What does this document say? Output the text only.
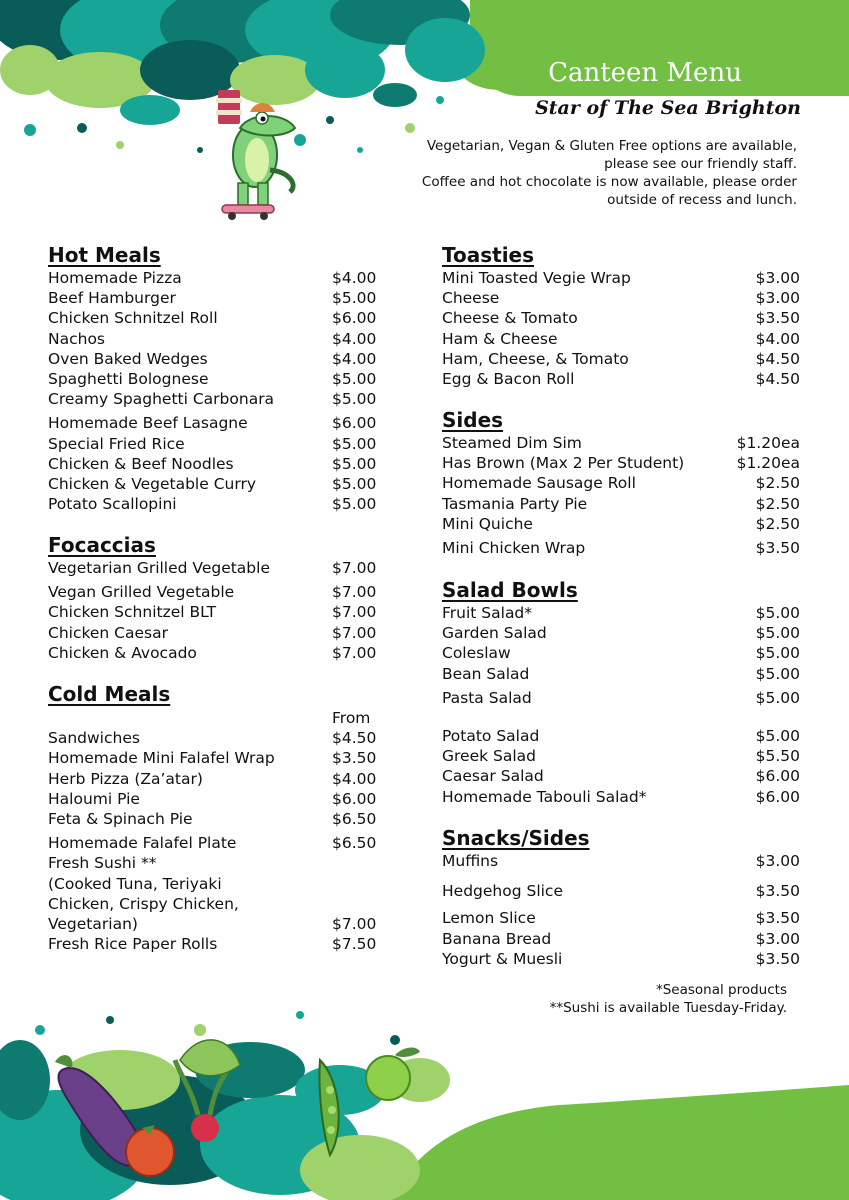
Canteen Menu
Star of The Sea Brighton
Vegetarian, Vegan & Gluten Free options are available,
please see our friendly staff.
Coffee and hot chocolate is now available, please order
outside of recess and lunch.
Hot Meals
Homemade Pizza	$4.00
Beef Hamburger	$5.00
Chicken Schnitzel Roll	$6.00
Nachos	$4.00
Oven Baked Wedges	$4.00
Spaghetti Bolognese	$5.00
Creamy Spaghetti Carbonara	$5.00
Homemade Beef Lasagne	$6.00
Special Fried Rice	$5.00
Chicken & Beef Noodles	$5.00
Chicken & Vegetable Curry	$5.00
Potato Scallopini	$5.00
Focaccias
Vegetarian Grilled Vegetable	$7.00
Vegan Grilled Vegetable	$7.00
Chicken Schnitzel BLT	$7.00
Chicken Caesar	$7.00
Chicken & Avocado	$7.00
Cold Meals
From
Sandwiches	$4.50
Homemade Mini Falafel Wrap	$3.50
Herb Pizza (Za’atar)	$4.00
Haloumi Pie	$6.00
Feta & Spinach Pie	$6.50
Homemade Falafel Plate	$6.50
Fresh Sushi **
(Cooked Tuna, Teriyaki
Chicken, Crispy Chicken,
Vegetarian)	$7.00
Fresh Rice Paper Rolls	$7.50
Toasties
Mini Toasted Vegie Wrap	$3.00
Cheese	$3.00
Cheese & Tomato	$3.50
Ham & Cheese	$4.00
Ham, Cheese, & Tomato	$4.50
Egg & Bacon Roll	$4.50
Sides
Steamed Dim Sim	$1.20ea
Has Brown (Max 2 Per Student)	$1.20ea
Homemade Sausage Roll	$2.50
Tasmania Party Pie	$2.50
Mini Quiche	$2.50
Mini Chicken Wrap	$3.50
Salad Bowls
Fruit Salad*	$5.00
Garden Salad	$5.00
Coleslaw	$5.00
Bean Salad	$5.00
Pasta Salad	$5.00
Potato Salad	$5.00
Greek Salad	$5.50
Caesar Salad	$6.00
Homemade Tabouli Salad*	$6.00
Snacks/Sides
Muffins	$3.00
Hedgehog Slice	$3.50
Lemon Slice	$3.50
Banana Bread	$3.00
Yogurt & Muesli	$3.50
*Seasonal products
**Sushi is available Tuesday-Friday.
